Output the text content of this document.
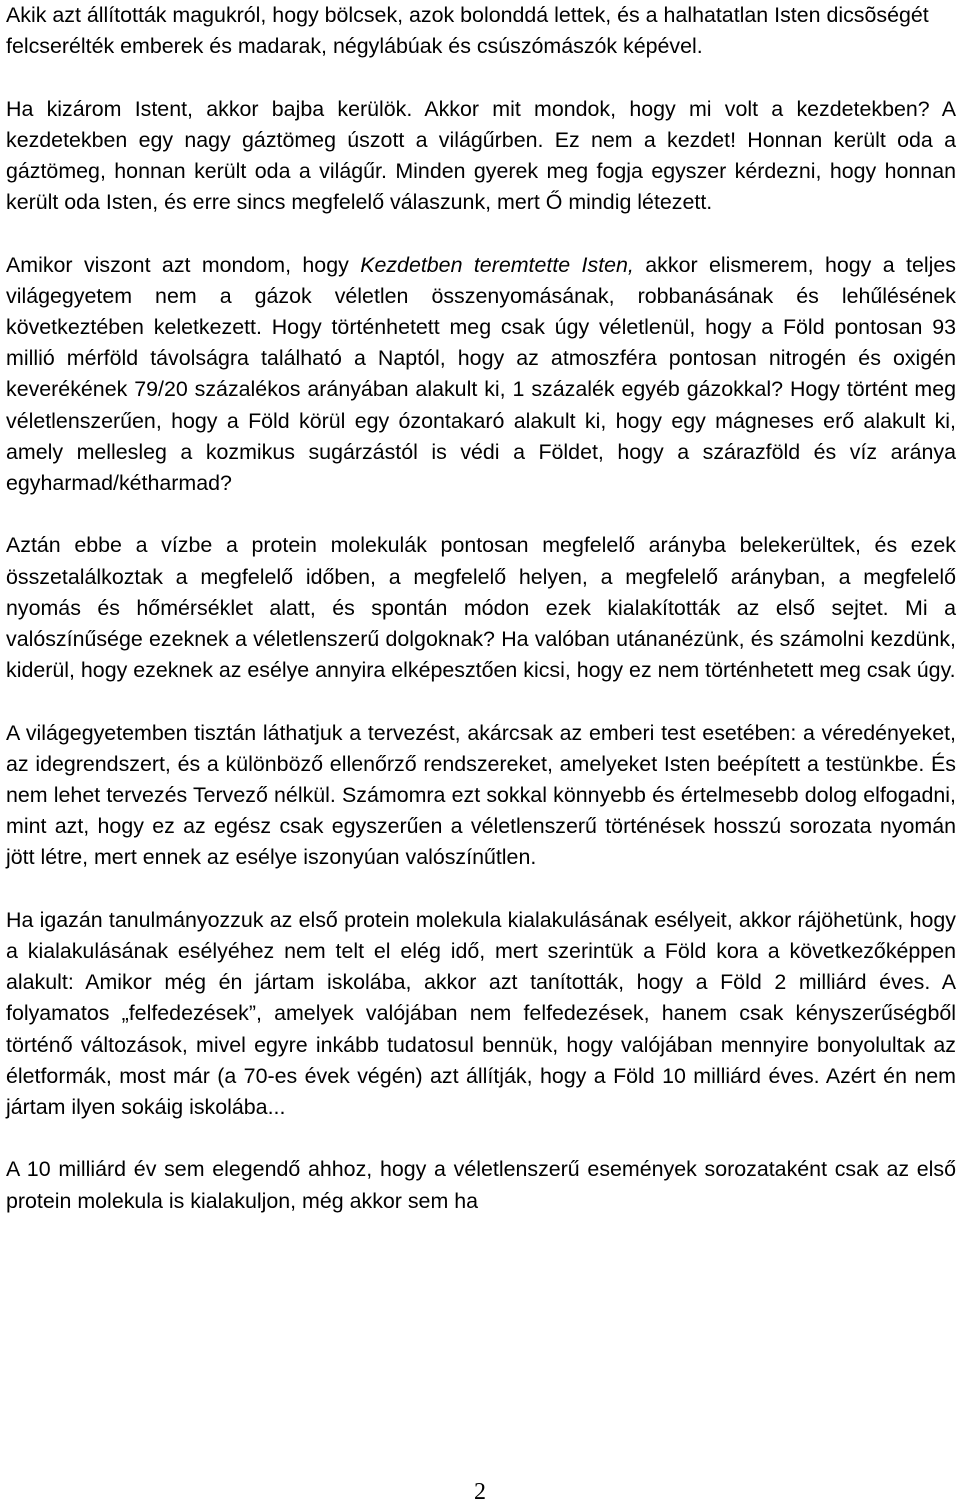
Akik azt állították magukról, hogy bölcsek, azok bolonddá lettek, és a halhatatlan Isten dicsõségét felcserélték emberek és madarak, négylábúak és csúszómászók képével.

Ha kizárom Istent, akkor bajba kerülök. Akkor mit mondok, hogy mi volt a kezdetekben? A kezdetekben egy nagy gáztömeg úszott a világűrben. Ez nem a kezdet! Honnan került oda a gáztömeg, honnan került oda a világűr. Minden gyerek meg fogja egyszer kérdezni, hogy honnan került oda Isten, és erre sincs megfelelő válaszunk, mert Ő mindig létezett.

Amikor viszont azt mondom, hogy Kezdetben teremtette Isten, akkor elismerem, hogy a teljes világegyetem nem a gázok véletlen összenyomásának, robbanásának és lehűlésének következtében keletkezett. Hogy történhetett meg csak úgy véletlenül, hogy a Föld pontosan 93 millió mérföld távolságra található a Naptól, hogy az atmoszféra pontosan nitrogén és oxigén keverékének 79/20 százalékos arányában alakult ki, 1 százalék egyéb gázokkal? Hogy történt meg véletlenszerűen, hogy a Föld körül egy ózontakaró alakult ki, hogy egy mágneses erő alakult ki, amely mellesleg a kozmikus sugárzástól is védi a Földet, hogy a szárazföld és víz aránya egyharmad/kétharmad?

Aztán ebbe a vízbe a protein molekulák pontosan megfelelő arányba belekerültek, és ezek összetalálkoztak a megfelelő időben, a megfelelő helyen, a megfelelő arányban, a megfelelő nyomás és hőmérséklet alatt, és spontán módon ezek kialakították az első sejtet. Mi a valószínűsége ezeknek a véletlenszerű dolgoknak? Ha valóban utánanézünk, és számolni kezdünk, kiderül, hogy ezeknek az esélye annyira elképesztően kicsi, hogy ez nem történhetett meg csak úgy.

A világegyetemben tisztán láthatjuk a tervezést, akárcsak az emberi test esetében: a véredényeket, az idegrendszert, és a különböző ellenőrző rendszereket, amelyeket Isten beépített a testünkbe. És nem lehet tervezés Tervező nélkül. Számomra ezt sokkal könnyebb és értelmesebb dolog elfogadni, mint azt, hogy ez az egész csak egyszerűen a véletlenszerű történések hosszú sorozata nyomán jött létre, mert ennek az esélye iszonyúan valószínűtlen.

Ha igazán tanulmányozzuk az első protein molekula kialakulásának esélyeit, akkor rájöhetünk, hogy a kialakulásának esélyéhez nem telt el elég idő, mert szerintük a Föld kora a következőképpen alakult: Amikor még én jártam iskolába, akkor azt tanították, hogy a Föld 2 milliárd éves. A folyamatos „felfedezések”, amelyek valójában nem felfedezések, hanem csak kényszerűségből történő változások, mivel egyre inkább tudatosul bennük, hogy valójában mennyire bonyolultak az életformák, most már (a 70-es évek végén) azt állítják, hogy a Föld 10 milliárd éves. Azért én nem jártam ilyen sokáig iskolába...

A 10 milliárd év sem elegendő ahhoz, hogy a véletlenszerű események sorozataként csak az első protein molekula is kialakuljon, még akkor sem ha

2
